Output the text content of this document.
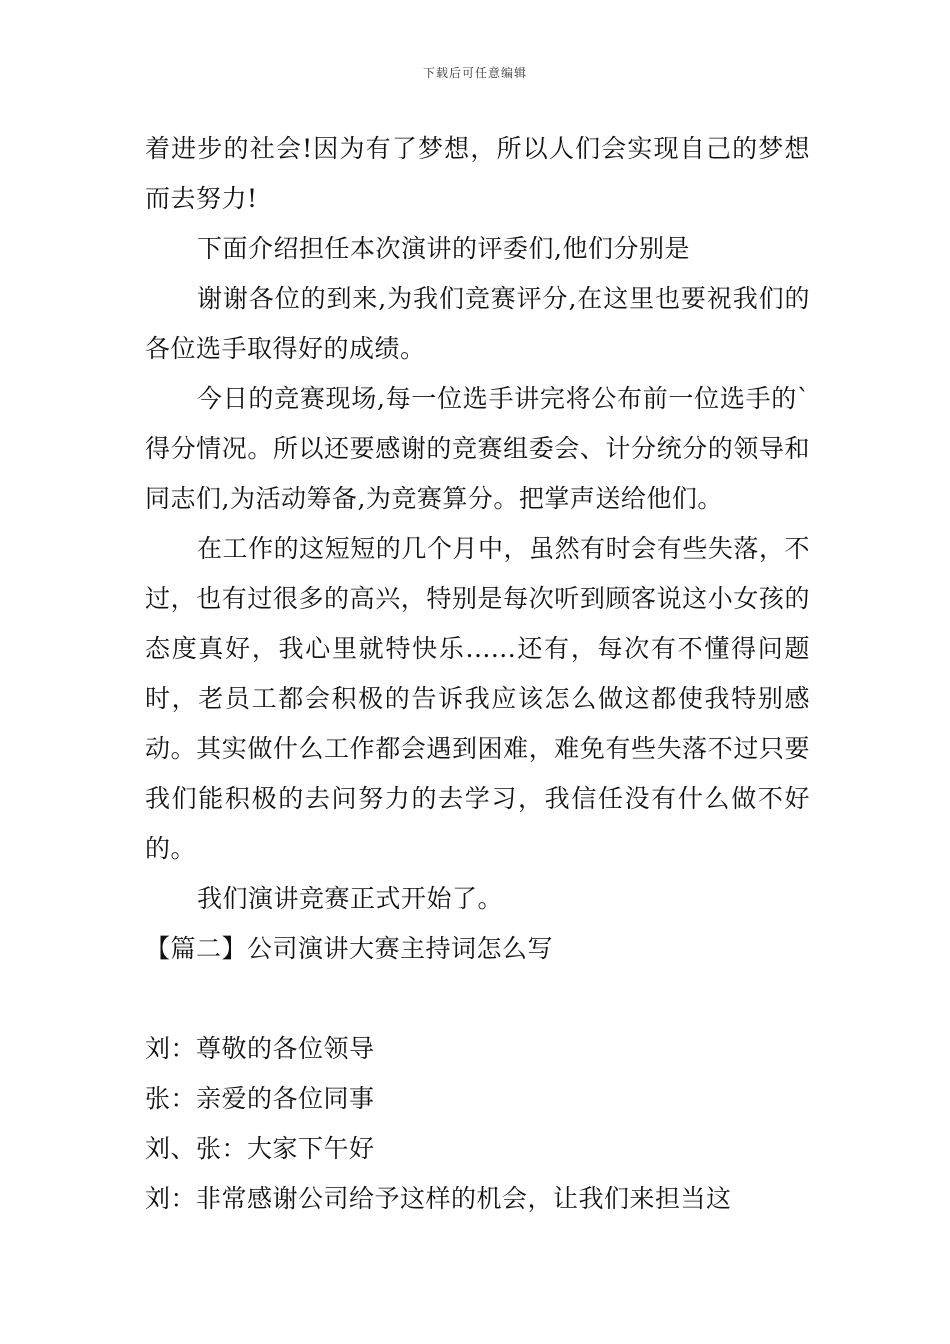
下载后可任意编辑

着进步的社会!因为有了梦想，所以人们会实现自己的梦想而去努力!

下面介绍担任本次演讲的评委们,他们分别是

谢谢各位的到来,为我们竞赛评分,在这里也要祝我们的各位选手取得好的成绩。

今日的竞赛现场,每一位选手讲完将公布前一位选手的`得分情况。所以还要感谢的竞赛组委会、计分统分的领导和同志们,为活动筹备,为竞赛算分。把掌声送给他们。

在工作的这短短的几个月中，虽然有时会有些失落，不过，也有过很多的高兴，特别是每次听到顾客说这小女孩的态度真好，我心里就特快乐......还有，每次有不懂得问题时，老员工都会积极的告诉我应该怎么做这都使我特别感动。其实做什么工作都会遇到困难，难免有些失落不过只要我们能积极的去问努力的去学习，我信任没有什么做不好的。

我们演讲竞赛正式开始了。

【篇二】公司演讲大赛主持词怎么写

刘：尊敬的各位领导

张：亲爱的各位同事

刘、张：大家下午好

刘：非常感谢公司给予这样的机会，让我们来担当这
